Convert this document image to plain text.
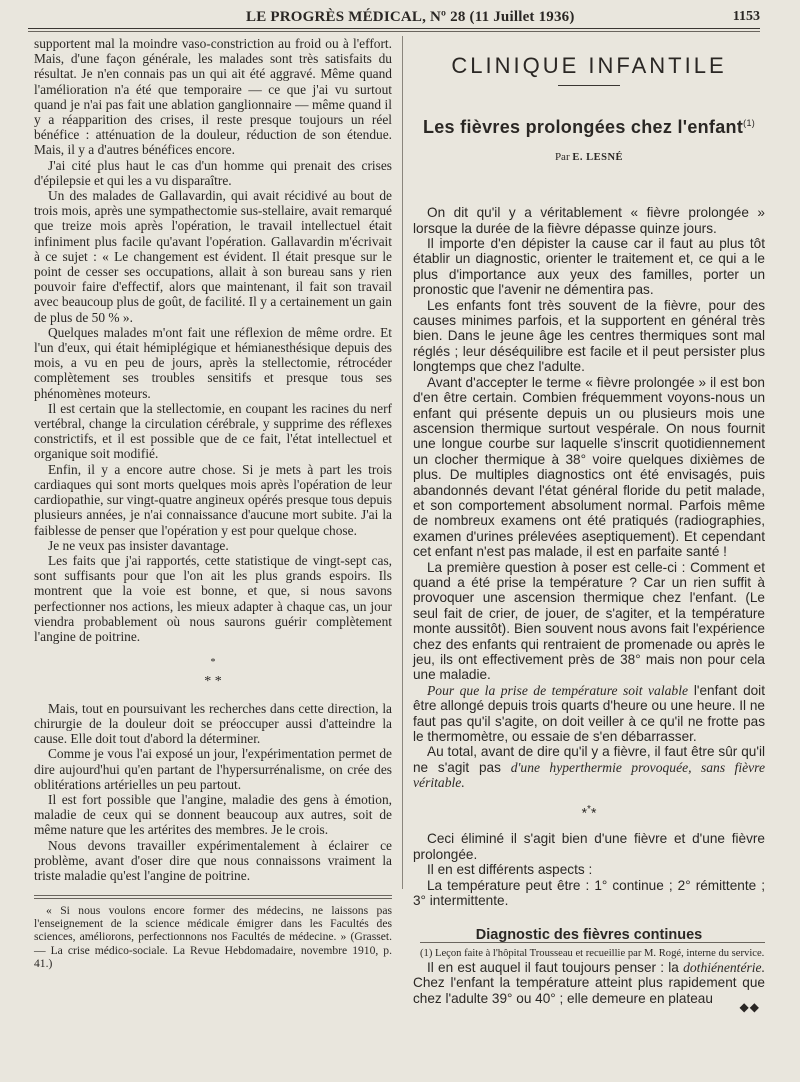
LE PROGRÈS MÉDICAL, Nº 28 (11 Juillet 1936)	1153

supportent mal la moindre vaso-constriction au froid ou à l'effort. Mais, d'une façon générale, les malades sont très satisfaits du résultat. Je n'en connais pas un qui ait été aggravé. Même quand l'amélioration n'a été que temporaire — ce que j'ai vu surtout quand je n'ai pas fait une ablation ganglionnaire — même quand il y a réapparition des crises, il reste presque toujours un réel bénéfice : atténuation de la douleur, réduction de son étendue. Mais, il y a d'autres bénéfices encore.

J'ai cité plus haut le cas d'un homme qui prenait des crises d'épilepsie et qui les a vu disparaître.

Un des malades de Gallavardin, qui avait récidivé au bout de trois mois, après une sympathectomie sus-stellaire, avait remarqué que treize mois après l'opération, le travail intellectuel était infiniment plus facile qu'avant l'opération. Gallavardin m'écrivait à ce sujet : « Le changement est évident. Il était presque sur le point de cesser ses occupations, allait à son bureau sans y rien pouvoir faire d'effectif, alors que maintenant, il fait son travail avec beaucoup plus de goût, de facilité. Il y a certainement un gain de plus de 50 % ».

Quelques malades m'ont fait une réflexion de même ordre. Et l'un d'eux, qui était hémiplégique et hémianesthésique depuis des mois, a vu en peu de jours, après la stellectomie, rétrocéder complètement ses troubles sensitifs et presque tous ses phénomènes moteurs.

Il est certain que la stellectomie, en coupant les racines du nerf vertébral, change la circulation cérébrale, y supprime des réflexes constrictifs, et il est possible que de ce fait, l'état intellectuel et organique soit modifié.

Enfin, il y a encore autre chose. Si je mets à part les trois cardiaques qui sont morts quelques mois après l'opération de leur cardiopathie, sur vingt-quatre angineux opérés presque tous depuis plusieurs années, je n'ai connaissance d'aucune mort subite. J'ai la faiblesse de penser que l'opération y est pour quelque chose.

Je ne veux pas insister davantage.

Les faits que j'ai rapportés, cette statistique de vingt-sept cas, sont suffisants pour que l'on ait les plus grands espoirs. Ils montrent que la voie est bonne, et que, si nous savons perfectionner nos actions, les mieux adapter à chaque cas, un jour viendra probablement où nous saurons guérir complètement l'angine de poitrine.

*
* *

Mais, tout en poursuivant les recherches dans cette direction, la chirurgie de la douleur doit se préoccuper aussi d'atteindre la cause. Elle doit tout d'abord la déterminer.

Comme je vous l'ai exposé un jour, l'expérimentation permet de dire aujourd'hui qu'en partant de l'hypersurrénalisme, on crée des oblitérations artérielles un peu partout.

Il est fort possible que l'angine, maladie des gens à émotion, maladie de ceux qui se donnent beaucoup aux autres, soit de même nature que les artérites des membres. Je le crois.

Nous devons travailler expérimentalement à éclairer ce problème, avant d'oser dire que nous connaissons vraiment la triste maladie qu'est l'angine de poitrine.

« Si nous voulons encore former des médecins, ne laissons pas l'enseignement de la science médicale émigrer dans les Facultés des sciences, améliorons, perfectionnons nos Facultés de médecine. » (Grasset. — La crise médico-sociale. La Revue Hebdomadaire, novembre 1910, p. 41.)

CLINIQUE INFANTILE
Les fièvres prolongées chez l'enfant$^{(1)}$
Par E. LESNÉ

On dit qu'il y a véritablement « fièvre prolongée » lorsque la durée de la fièvre dépasse quinze jours.

Il importe d'en dépister la cause car il faut au plus tôt établir un diagnostic, orienter le traitement et, ce qui a le plus d'importance aux yeux des familles, porter un pronostic que l'avenir ne démentira pas.

Les enfants font très souvent de la fièvre, pour des causes minimes parfois, et la supportent en général très bien. Dans le jeune âge les centres thermiques sont mal réglés ; leur déséquilibre est facile et il peut persister plus longtemps que chez l'adulte.

Avant d'accepter le terme « fièvre prolongée » il est bon d'en être certain. Combien fréquemment voyons-nous un enfant qui présente depuis un ou plusieurs mois une ascension thermique surtout vespérale. On nous fournit une longue courbe sur laquelle s'inscrit quotidiennement un clocher thermique à 38° voire quelques dixièmes de plus. De multiples diagnostics ont été envisagés, puis abandonnés devant l'état général floride du petit malade, et son comportement absolument normal. Parfois même de nombreux examens ont été pratiqués (radiographies, examen d'urines prélevées aseptiquement). Et cependant cet enfant n'est pas malade, il est en parfaite santé !

La première question à poser est celle-ci : Comment et quand a été prise la température ? Car un rien suffit à provoquer une ascension thermique chez l'enfant. (Le seul fait de crier, de jouer, de s'agiter, et la température monte aussitôt). Bien souvent nous avons fait l'expérience chez des enfants qui rentraient de promenade ou après le jeu, ils ont effectivement près de 38° mais non pour cela une maladie.

Pour que la prise de température soit valable l'enfant doit être allongé depuis trois quarts d'heure ou une heure. Il ne faut pas qu'il s'agite, on doit veiller à ce qu'il ne frotte pas le thermomètre, ou essaie de s'en débarrasser.

Au total, avant de dire qu'il y a fièvre, il faut être sûr qu'il ne s'agit pas d'une hyperthermie provoquée, sans fièvre véritable.

***

Ceci éliminé il s'agit bien d'une fièvre et d'une fièvre prolongée.

Il en est différents aspects :

La température peut être : 1° continue ; 2° rémittente ; 3° intermittente.

Diagnostic des fièvres continues

Il en est auquel il faut toujours penser : la dothiénentérie. Chez l'enfant la température atteint plus rapidement que chez l'adulte 39° ou 40° ; elle demeure en plateau

(1) Leçon faite à l'hôpital Trousseau et recueillie par M. Rogé, interne du service.
◆◆
